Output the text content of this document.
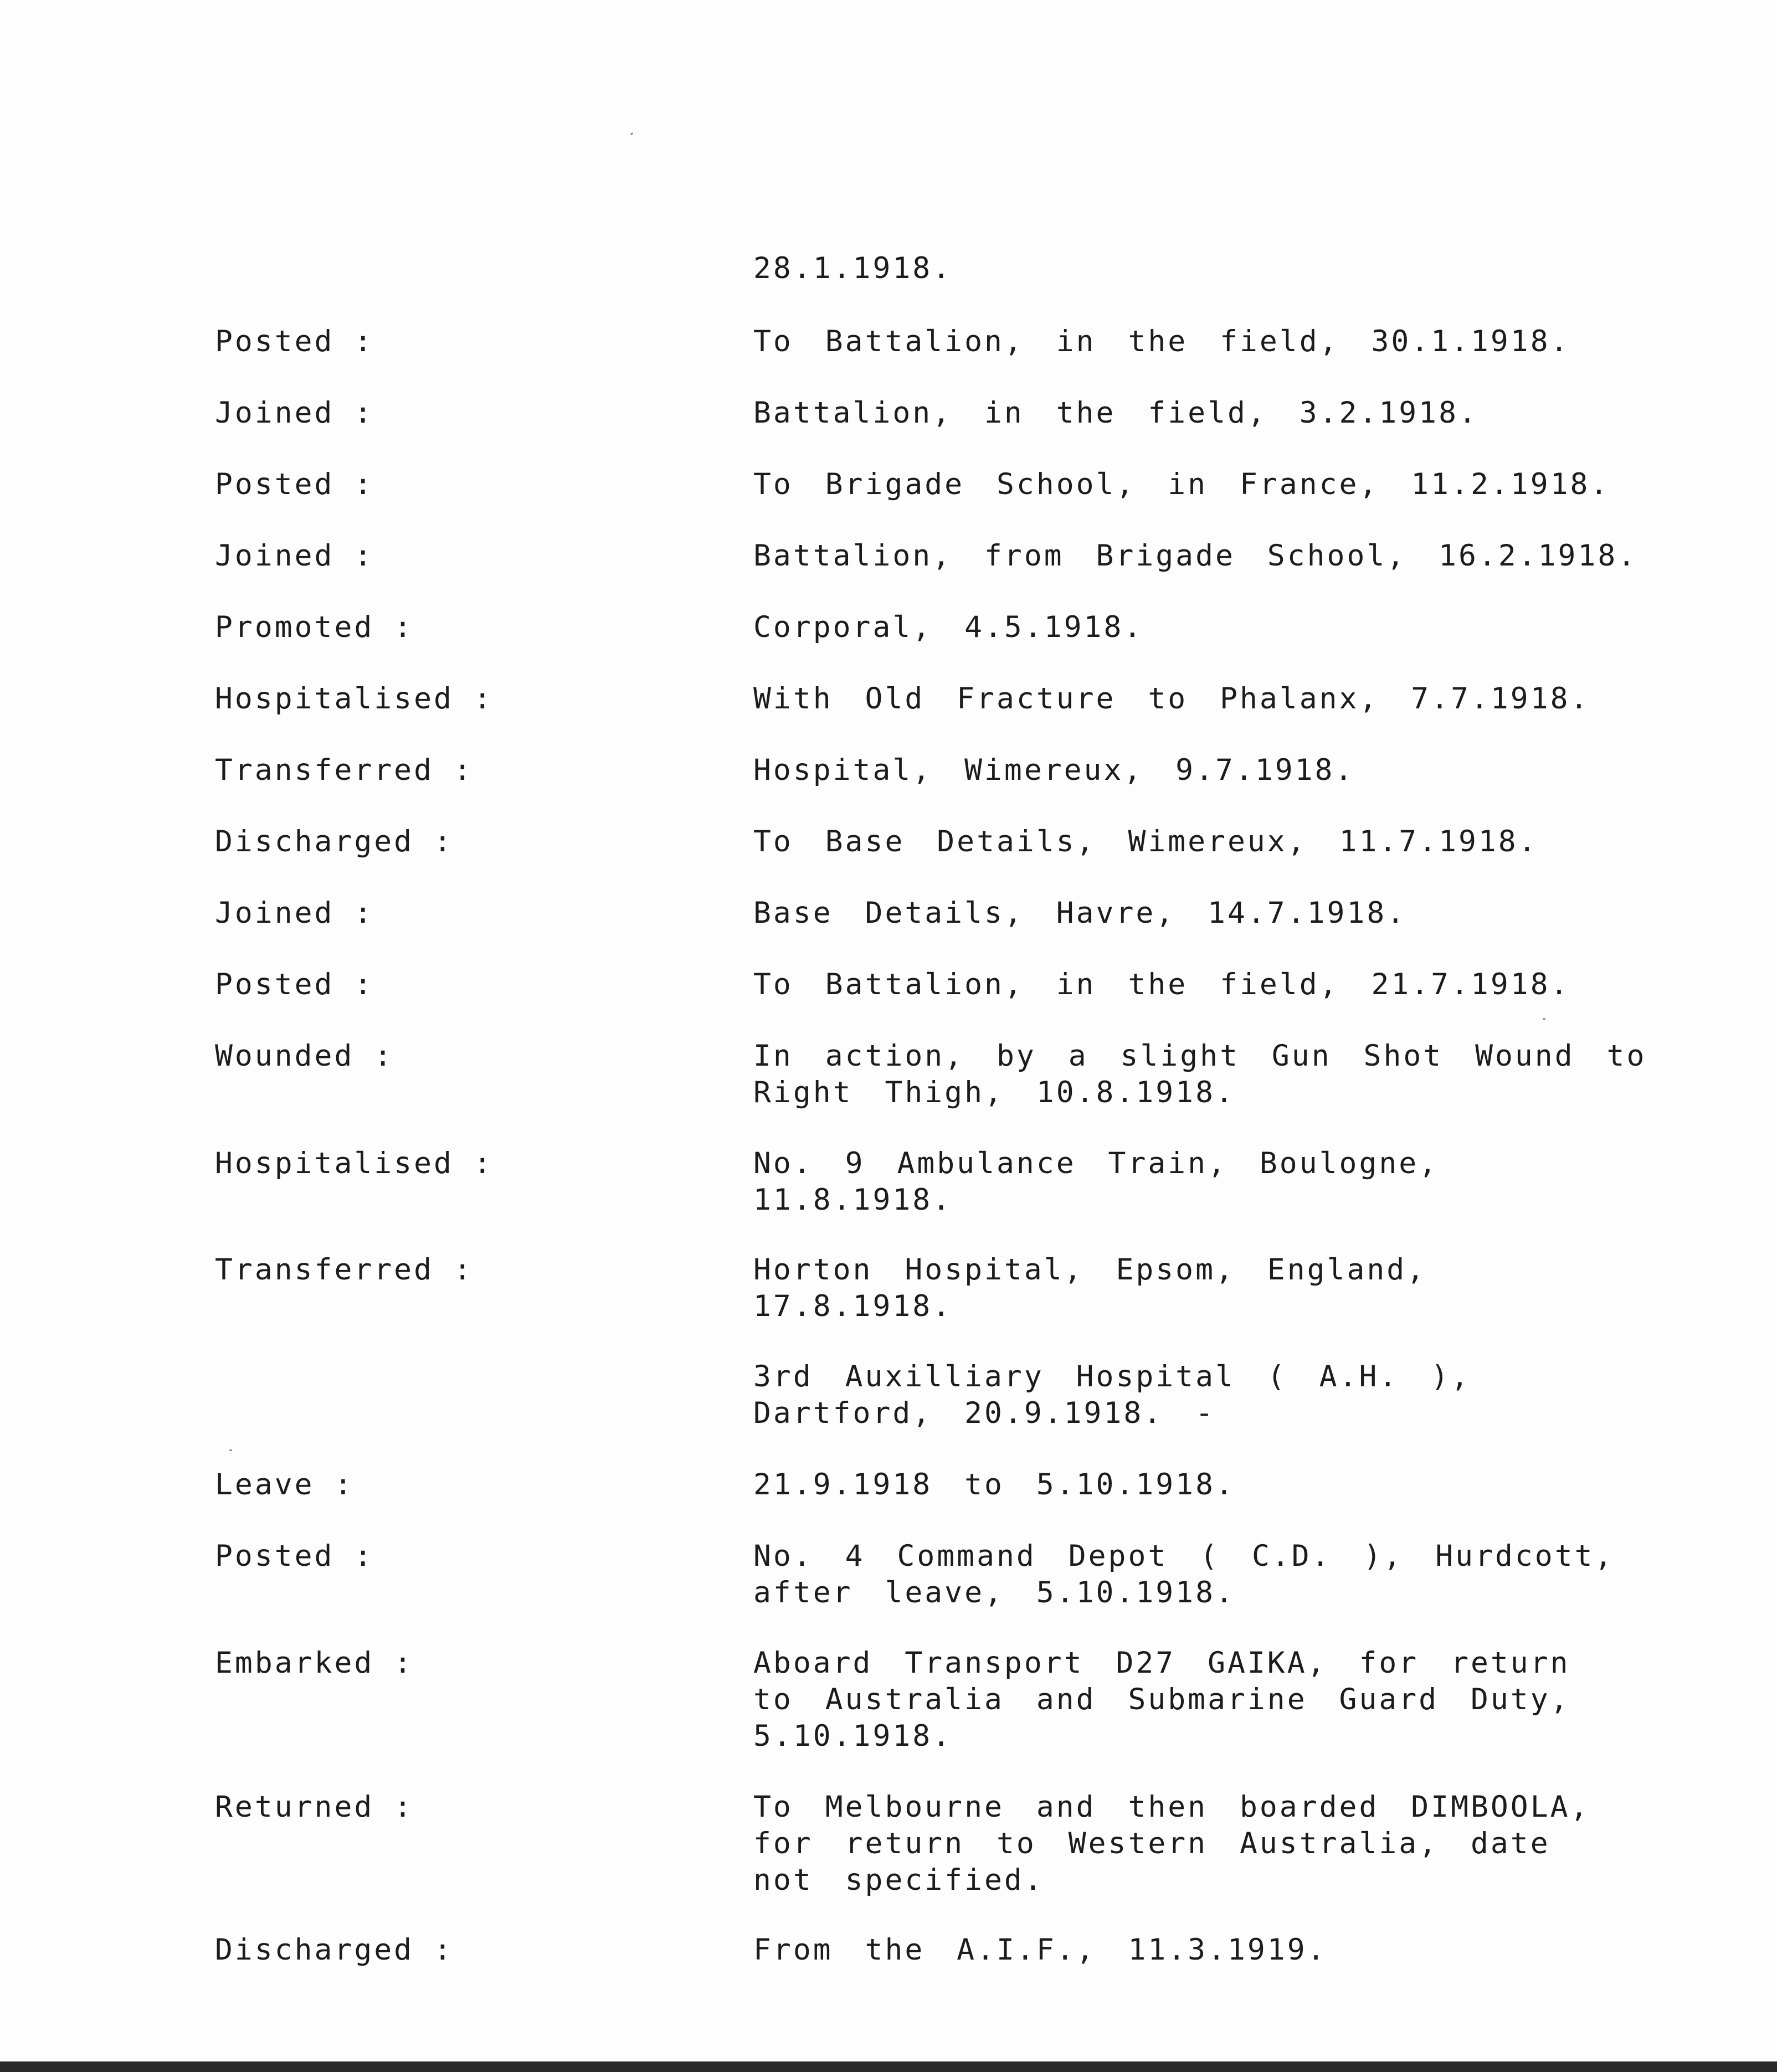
28.1.1918.
Posted :	To Battalion, in the field, 30.1.1918.
Joined :	Battalion, in the field, 3.2.1918.
Posted :	To Brigade School, in France, 11.2.1918.
Joined :	Battalion, from Brigade School, 16.2.1918.
Promoted :	Corporal, 4.5.1918.
Hospitalised :	With Old Fracture to Phalanx, 7.7.1918.
Transferred :	Hospital, Wimereux, 9.7.1918.
Discharged :	To Base Details, Wimereux, 11.7.1918.
Joined :	Base Details, Havre, 14.7.1918.
Posted :	To Battalion, in the field, 21.7.1918.
Wounded :	In action, by a slight Gun Shot Wound to
Right Thigh, 10.8.1918.
Hospitalised :	No. 9 Ambulance Train, Boulogne,
11.8.1918.
Transferred :	Horton Hospital, Epsom, England,
17.8.1918.
3rd Auxilliary Hospital ( A.H. ),
Dartford, 20.9.1918. -
Leave :	21.9.1918 to 5.10.1918.
Posted :	No. 4 Command Depot ( C.D. ), Hurdcott,
after leave, 5.10.1918.
Embarked :	Aboard Transport D27 GAIKA, for return
to Australia and Submarine Guard Duty,
5.10.1918.
Returned :	To Melbourne and then boarded DIMBOOLA,
for return to Western Australia, date
not specified.
Discharged :	From the A.I.F., 11.3.1919.
